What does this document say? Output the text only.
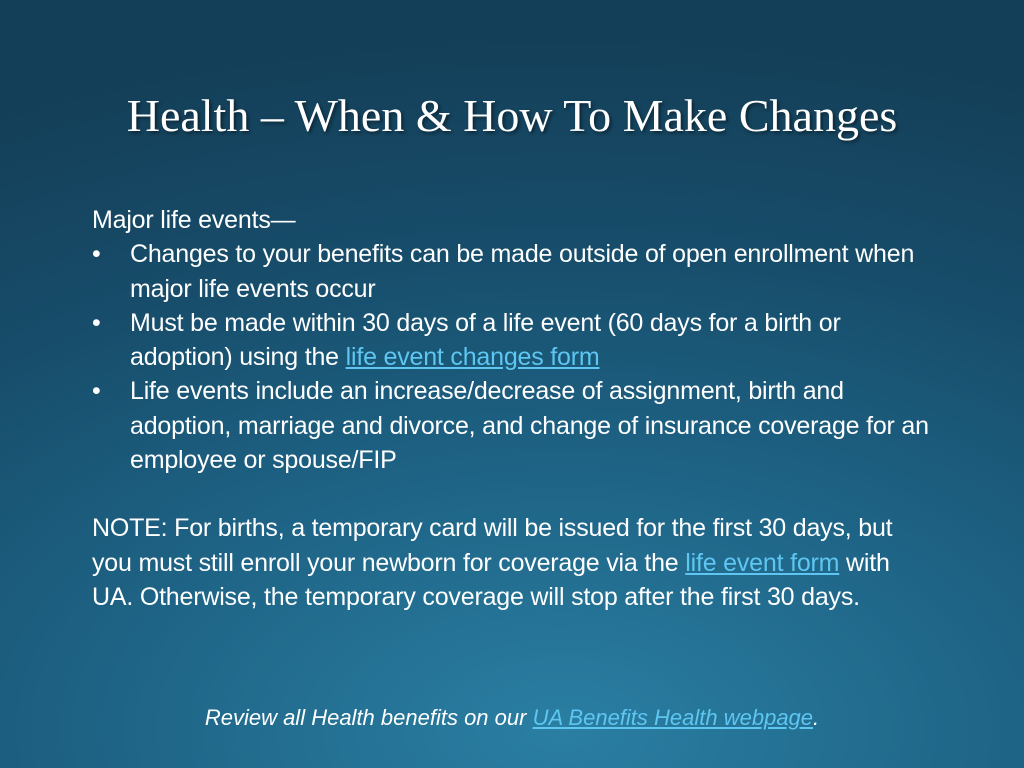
Health – When & How To Make Changes

Major life events—

•	Changes to your benefits can be made outside of open enrollment when major life events occur
•	Must be made within 30 days of a life event (60 days for a birth or adoption) using the life event changes form
•	Life events include an increase/decrease of assignment, birth and adoption, marriage and divorce, and change of insurance coverage for an employee or spouse/FIP

NOTE: For births, a temporary card will be issued for the first 30 days, but you must still enroll your newborn for coverage via the life event form with UA. Otherwise, the temporary coverage will stop after the first 30 days.

Review all Health benefits on our UA Benefits Health webpage.
